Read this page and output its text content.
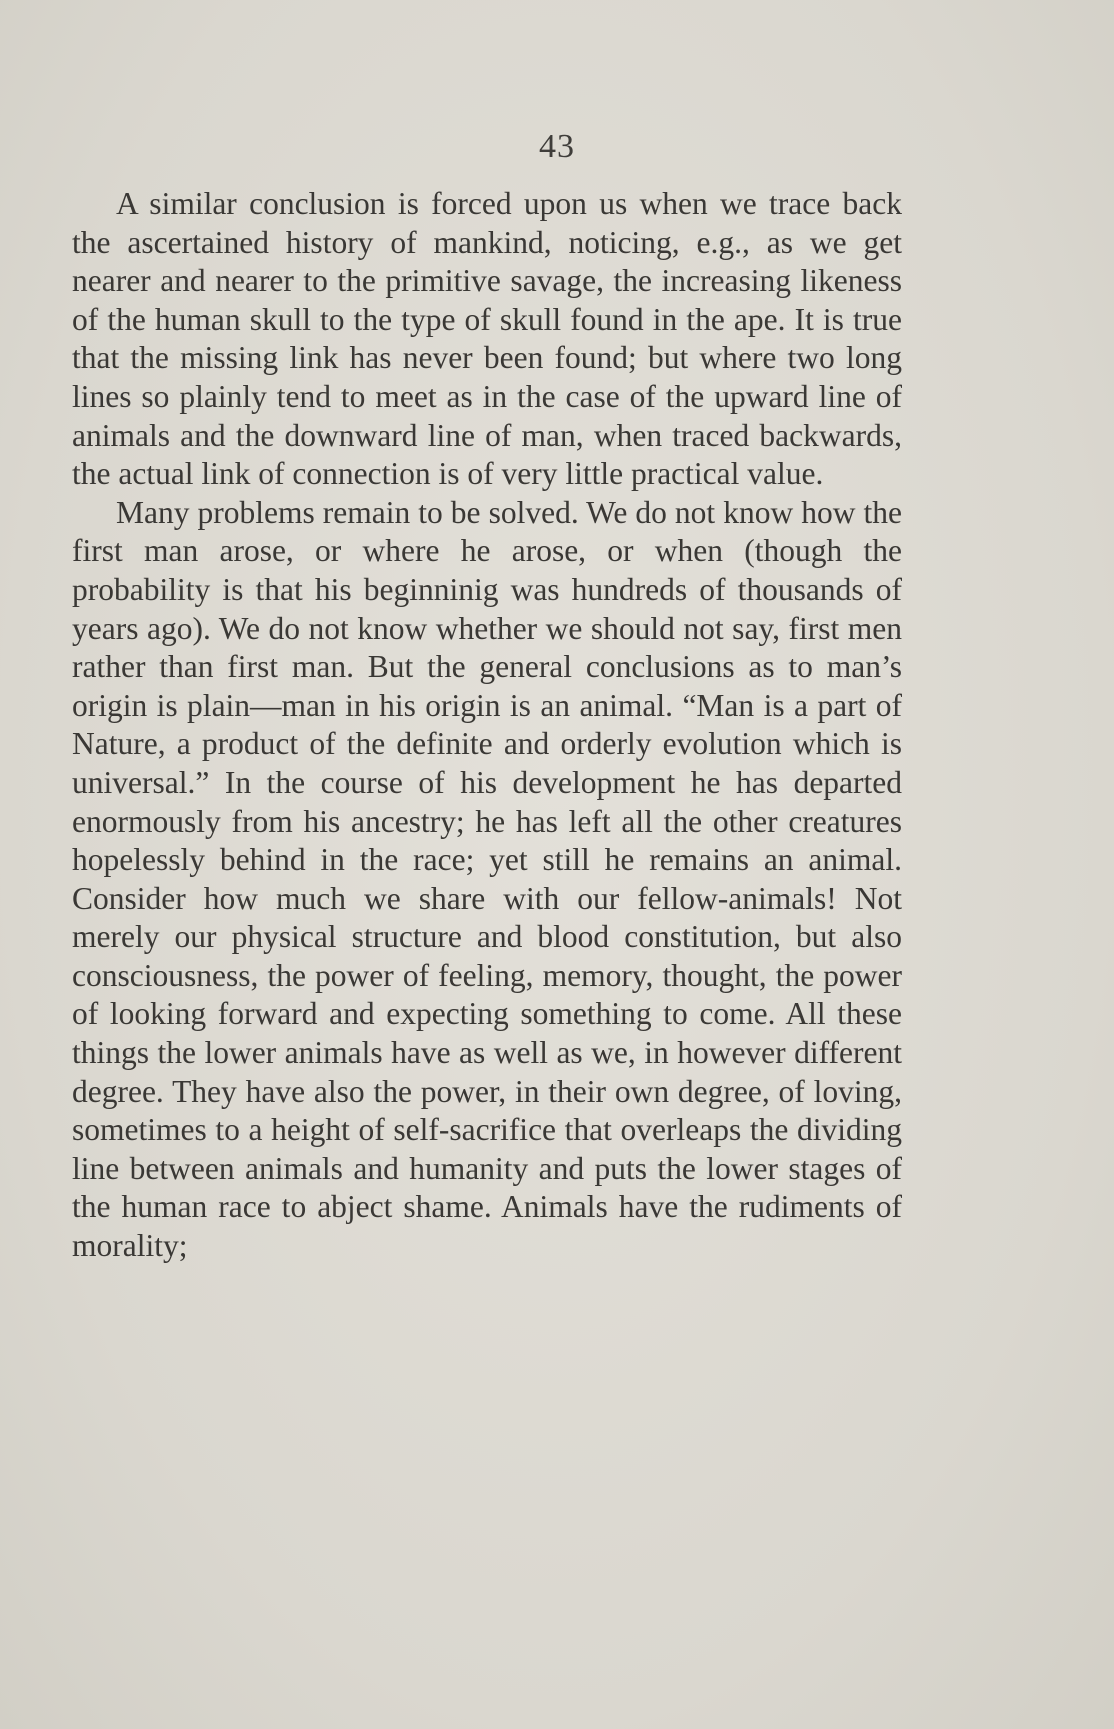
43

A similar conclusion is forced upon us when we trace back the ascertained history of mankind, noticing, e.g., as we get nearer and nearer to the primitive savage, the increasing likeness of the human skull to the type of skull found in the ape. It is true that the missing link has never been found; but where two long lines so plainly tend to meet as in the case of the upward line of animals and the downward line of man, when traced backwards, the actual link of connection is of very little practical value.

Many problems remain to be solved. We do not know how the first man arose, or where he arose, or when (though the probability is that his beginninig was hundreds of thousands of years ago). We do not know whether we should not say, first men rather than first man. But the general conclusions as to man’s origin is plain—man in his origin is an animal. “Man is a part of Nature, a product of the definite and orderly evolution which is universal.” In the course of his development he has departed enormously from his ancestry; he has left all the other creatures hopelessly behind in the race; yet still he remains an animal. Consider how much we share with our fellow-animals! Not merely our physical structure and blood constitution, but also consciousness, the power of feeling, memory, thought, the power of looking forward and expecting something to come. All these things the lower animals have as well as we, in however different degree. They have also the power, in their own degree, of loving, sometimes to a height of self-sacrifice that overleaps the dividing line between animals and humanity and puts the lower stages of the human race to abject shame. Animals have the rudiments of morality;
